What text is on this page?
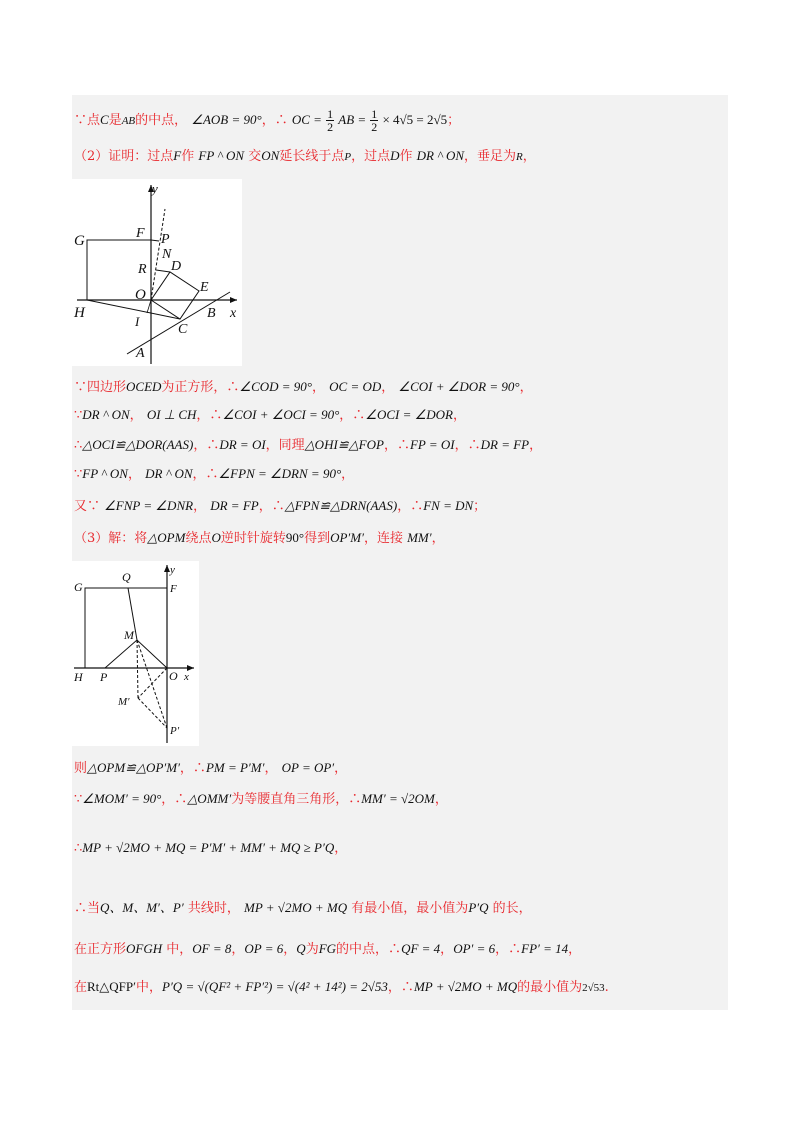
∵点C是AB的中点， ∠AOB = 90°，∴ OC = $\frac{1}{2}$ AB = $\frac{1}{2} \times 4√5 = 2√5$；
（2）证明：过点F作 FP ^ ON 交ON延长线于点P，过点D作 DR ^ ON，垂足为R，
y
G	F P
N
R D
E
O
H
I
B x
C
A
∵四边形OCED为正方形，∴∠COD = 90°， OC = OD， ∠COI + ∠DOR = 90°，
∵DR ^ ON， OI ⊥ CH，∴∠COI + ∠OCI = 90°，∴∠OCI = ∠DOR，
∴△OCI≌△DOR(AAS)，∴DR = OI，同理△OHI≌△FOP，∴FP = OI，∴DR = FP，
∵FP ^ ON， DR ^ ON，∴∠FPN = ∠DRN = 90°，
又∵ ∠FNP = ∠DNR， DR = FP，∴△FPN≌△DRN(AAS)，∴FN = DN；
（3）解：将△OPM绕点O逆时针旋转90°得到OP′M′，连接 MM′，
y
Q
G	F
M
H P	O x
M′
P′
则△OPM≌△OP′M′，∴PM = P′M′， OP = OP′，
∵∠MOM′ = 90°，∴△OMM′为等腰直角三角形，∴MM′ = √2OM，
∴MP + √2MO + MQ = P′M′ + MM′ + MQ ≥ P′Q，
∴当Q、M、M′、P′ 共线时， MP + √2MO + MQ 有最小值，最小值为P′Q 的长，
在正方形OFGH 中，OF = 8，OP = 6，Q为FG的中点，∴QF = 4，OP′ = 6，∴FP′ = 14，
在Rt△QFP′中，P′Q = √(QF² + FP′²) = √(4² + 14²) = 2√53，∴MP + √2MO + MQ的最小值为2√53.
